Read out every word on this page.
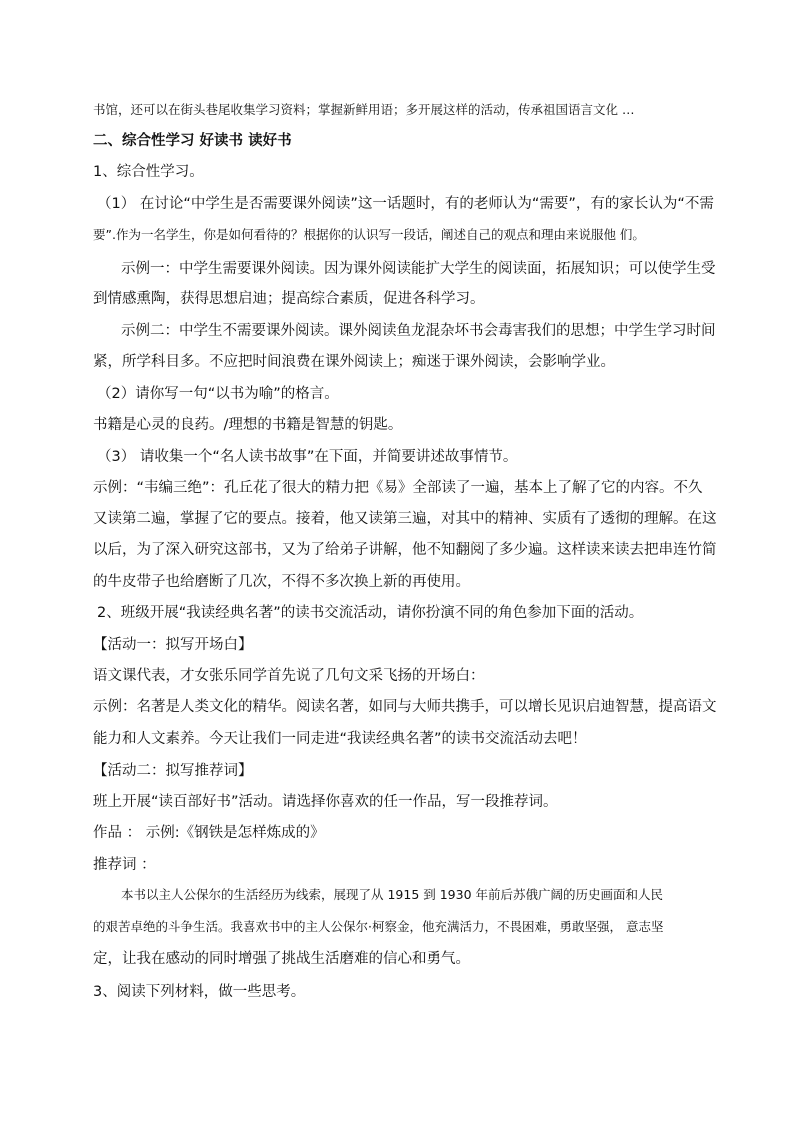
书馆，还可以在街头巷尾收集学习资料；掌握新鲜用语；多开展这样的活动，传承祖国语言文化 …
二、综合性学习 好读书 读好书
1、综合性学习。
（1） 在讨论“中学生是否需要课外阅读”这一话题时，有的老师认为“需要”，有的家长认为“不需
要”.作为一名学生，你是如何看待的？根据你的认识写一段话，阐述自己的观点和理由来说服他 们。
示例一：中学生需要课外阅读。因为课外阅读能扩大学生的阅读面，拓展知识；可以使学生受
到情感熏陶，获得思想启迪；提高综合素质，促进各科学习。
示例二：中学生不需要课外阅读。课外阅读鱼龙混杂坏书会毒害我们的思想；中学生学习时间
紧，所学科目多。不应把时间浪费在课外阅读上；痴迷于课外阅读，会影响学业。
（2）请你写一句“以书为喻”的格言。
书籍是心灵的良药。/理想的书籍是智慧的钥匙。
（3） 请收集一个“名人读书故事”在下面，并简要讲述故事情节。
示例：“韦编三绝”：孔丘花了很大的精力把《易》全部读了一遍，基本上了解了它的内容。不久
又读第二遍，掌握了它的要点。接着，他又读第三遍，对其中的精神、实质有了透彻的理解。在这
以后，为了深入研究这部书，又为了给弟子讲解，他不知翻阅了多少遍。这样读来读去把串连竹简
的牛皮带子也给磨断了几次，不得不多次换上新的再使用。
2、班级开展“我读经典名著”的读书交流活动，请你扮演不同的角色参加下面的活动。
【活动一：拟写开场白】
语文课代表，才女张乐同学首先说了几句文采飞扬的开场白：
示例：名著是人类文化的精华。阅读名著，如同与大师共携手，可以增长见识启迪智慧，提高语文
能力和人文素养。今天让我们一同走进“我读经典名著”的读书交流活动去吧！
【活动二：拟写推荐词】
班上开展“读百部好书”活动。请选择你喜欢的任一作品，写一段推荐词。
作品 ： 示例:《钢铁是怎样炼成的》
推荐词 ：
本书以主人公保尔的生活经历为线索，展现了从 1915 到 1930 年前后苏俄广阔的历史画面和人民
的艰苦卓绝的斗争生活。我喜欢书中的主人公保尔·柯察金，他充满活力，不畏困难，勇敢坚强， 意志坚
定，让我在感动的同时增强了挑战生活磨难的信心和勇气。
3、阅读下列材料，做一些思考。
